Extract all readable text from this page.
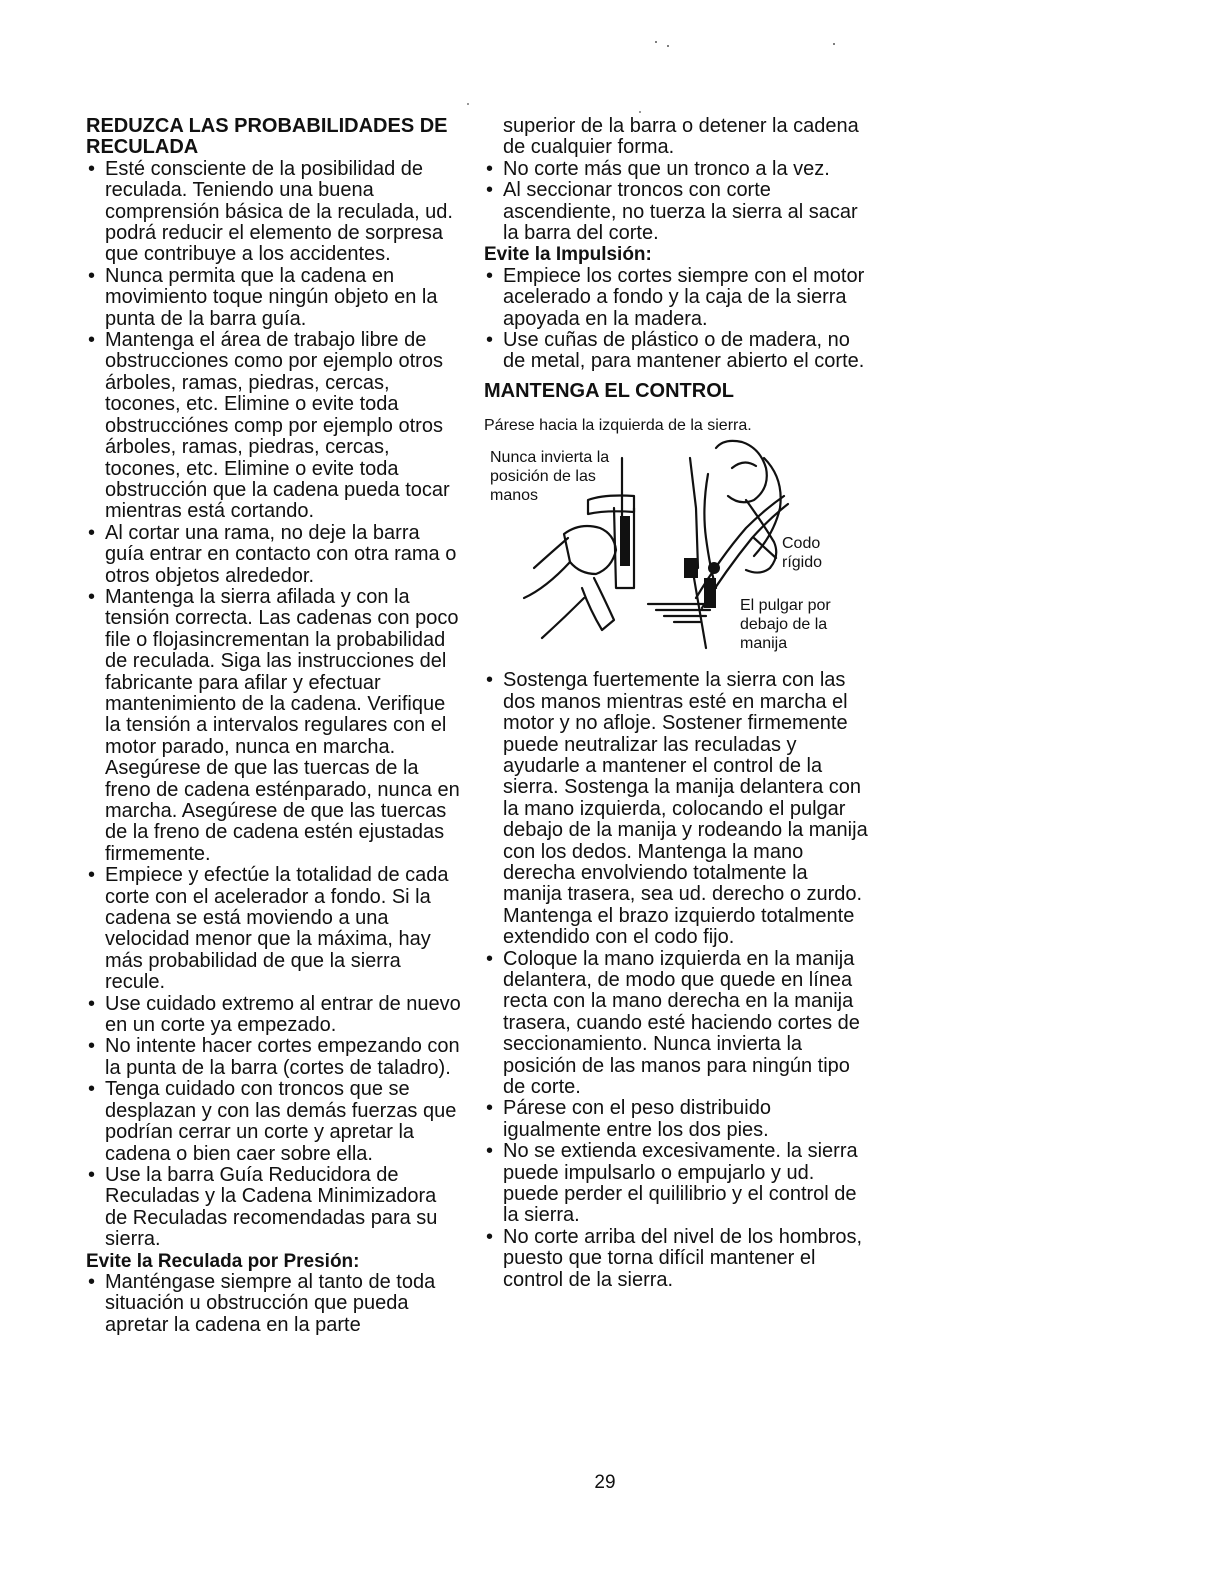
REDUZCA LAS PROBABILIDADES DE RECULADA

• Esté consciente de la posibilidad de reculada. Teniendo una buena comprensión básica de la reculada, ud. podrá reducir el elemento de sorpresa que contribuye a los accidentes.
• Nunca permita que la cadena en movimiento toque ningún objeto en la punta de la barra guía.
• Mantenga el área de trabajo libre de obstrucciones como por ejemplo otros árboles, ramas, piedras, cercas, tocones, etc. Elimine o evite toda obstrucciónes comp por ejemplo otros árboles, ramas, piedras, cercas, tocones, etc. Elimine o evite toda obstrucción que la cadena pueda tocar mientras está cortando.
• Al cortar una rama, no deje la barra guía entrar en contacto con otra rama o otros objetos alrededor.
• Mantenga la sierra afilada y con la tensión correcta. Las cadenas con poco file o flojasincrementan la probabilidad de reculada. Siga las instrucciones del fabricante para afilar y efectuar mantenimiento de la cadena. Verifique la tensión a intervalos regulares con el motor parado, nunca en marcha. Asegúrese de que las tuercas de la freno de cadena esténparado, nunca en marcha. Asegúrese de que las tuercas de la freno de cadena estén ejustadas firmemente.
• Empiece y efectúe la totalidad de cada corte con el acelerador a fondo. Si la cadena se está moviendo a una velocidad menor que la máxima, hay más probabilidad de que la sierra recule.
• Use cuidado extremo al entrar de nuevo en un corte ya empezado.
• No intente hacer cortes empezando con la punta de la barra (cortes de taladro).
• Tenga cuidado con troncos que se desplazan y con las demás fuerzas que podrían cerrar un corte y apretar la cadena o bien caer sobre ella.
• Use la barra Guía Reducidora de Reculadas y la Cadena Minimizadora de Reculadas recomendadas para su sierra.

Evite la Reculada por Presión:

• Manténgase siempre al tanto de toda situación u obstrucción que pueda apretar la cadena en la parte

superior de la barra o detener la cadena de cualquier forma.

• No corte más que un tronco a la vez.
• Al seccionar troncos con corte ascendiente, no tuerza la sierra al sacar la barra del corte.

Evite la Impulsión:

• Empiece los cortes siempre con el motor acelerado a fondo y la caja de la sierra apoyada en la madera.
• Use cuñas de plástico o de madera, no de metal, para mantener abierto el corte.

MANTENGA EL CONTROL

Párese hacia la izquierda de la sierra.
Nunca invierta la posición de las manos
Codo rígido
El pulgar por debajo de la manija
• Sostenga fuertemente la sierra con las dos manos mientras esté en marcha el motor y no afloje. Sostener firmemente puede neutralizar las reculadas y ayudarle a mantener el control de la sierra. Sostenga la manija delantera con la mano izquierda, colocando el pulgar debajo de la manija y rodeando la manija con los dedos. Mantenga la mano derecha envolviendo totalmente la manija trasera, sea ud. derecho o zurdo. Mantenga el brazo izquierdo totalmente extendido con el codo fijo.
• Coloque la mano izquierda en la manija delantera, de modo que quede en línea recta con la mano derecha en la manija trasera, cuando esté haciendo cortes de seccionamiento. Nunca invierta la posición de las manos para ningún tipo de corte.
• Párese con el peso distribuido igualmente entre los dos pies.
• No se extienda excesivamente. la sierra puede impulsarlo o empujarlo y ud. puede perder el quililibrio y el control de la sierra.
• No corte arriba del nivel de los hombros, puesto que torna difícil mantener el control de la sierra.
29
